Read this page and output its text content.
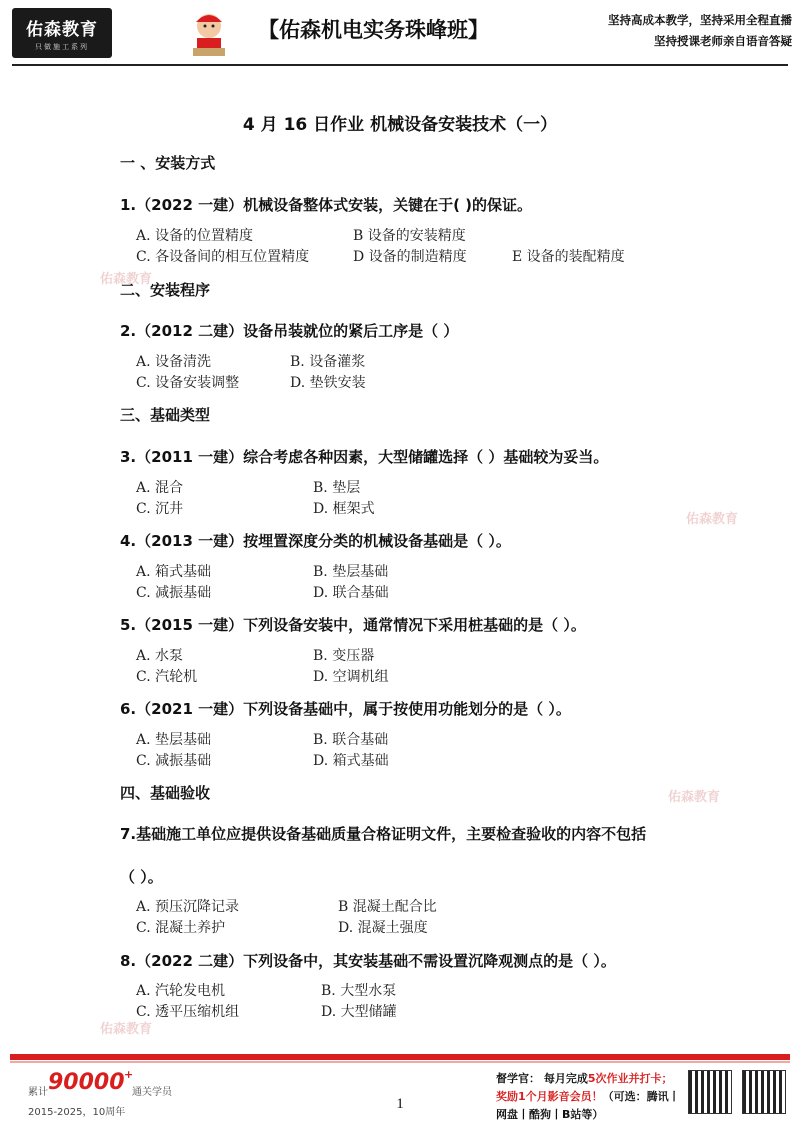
佑森教育
只做施工系列
【佑森机电实务珠峰班】	坚持高成本教学，坚持采用全程直播
坚持授课老师亲自语音答疑
佑森教育
佑森教育
佑森教育
佑森教育
4 月 16 日作业 机械设备安装技术（一）
一 、安装方式
1.（2022 一建）机械设备整体式安装，关键在于( )的保证。
A. 设备的位置精度	B 设备的安装精度
C. 各设备间的相互位置精度	D 设备的制造精度	E 设备的装配精度
二、安装程序
2.（2012 二建）设备吊装就位的紧后工序是（ ）
A. 设备清洗	B. 设备灌浆
C. 设备安装调整	D. 垫铁安装
三、基础类型
3.（2011 一建）综合考虑各种因素，大型储罐选择（ ）基础较为妥当。
A. 混合	B. 垫层
C. 沉井	D. 框架式
4.（2013 一建）按埋置深度分类的机械设备基础是（ ）。
A. 箱式基础	B. 垫层基础
C. 减振基础	D. 联合基础
5.（2015 一建）下列设备安装中，通常情况下采用桩基础的是（ ）。
A. 水泵	B. 变压器
C. 汽轮机	D. 空调机组
6.（2021 一建）下列设备基础中，属于按使用功能划分的是（ ）。
A. 垫层基础	B. 联合基础
C. 减振基础	D. 箱式基础
四、基础验收
7.基础施工单位应提供设备基础质量合格证明文件，主要检查验收的内容不包括
（ ）。
A. 预压沉降记录	B 混凝土配合比
C. 混凝土养护	D. 混凝土强度
8.（2022 二建）下列设备中，其安装基础不需设置沉降观测点的是（ ）。
A. 汽轮发电机	B. 大型水泵
C. 透平压缩机组	D. 大型储罐
累计 90000 +
通关学员
2015-2025，10周年
1
督学官： 每月完成5次作业并打卡；
奖励1个月影音会员！（可选：腾讯丨
网盘丨酷狗丨B站等）
